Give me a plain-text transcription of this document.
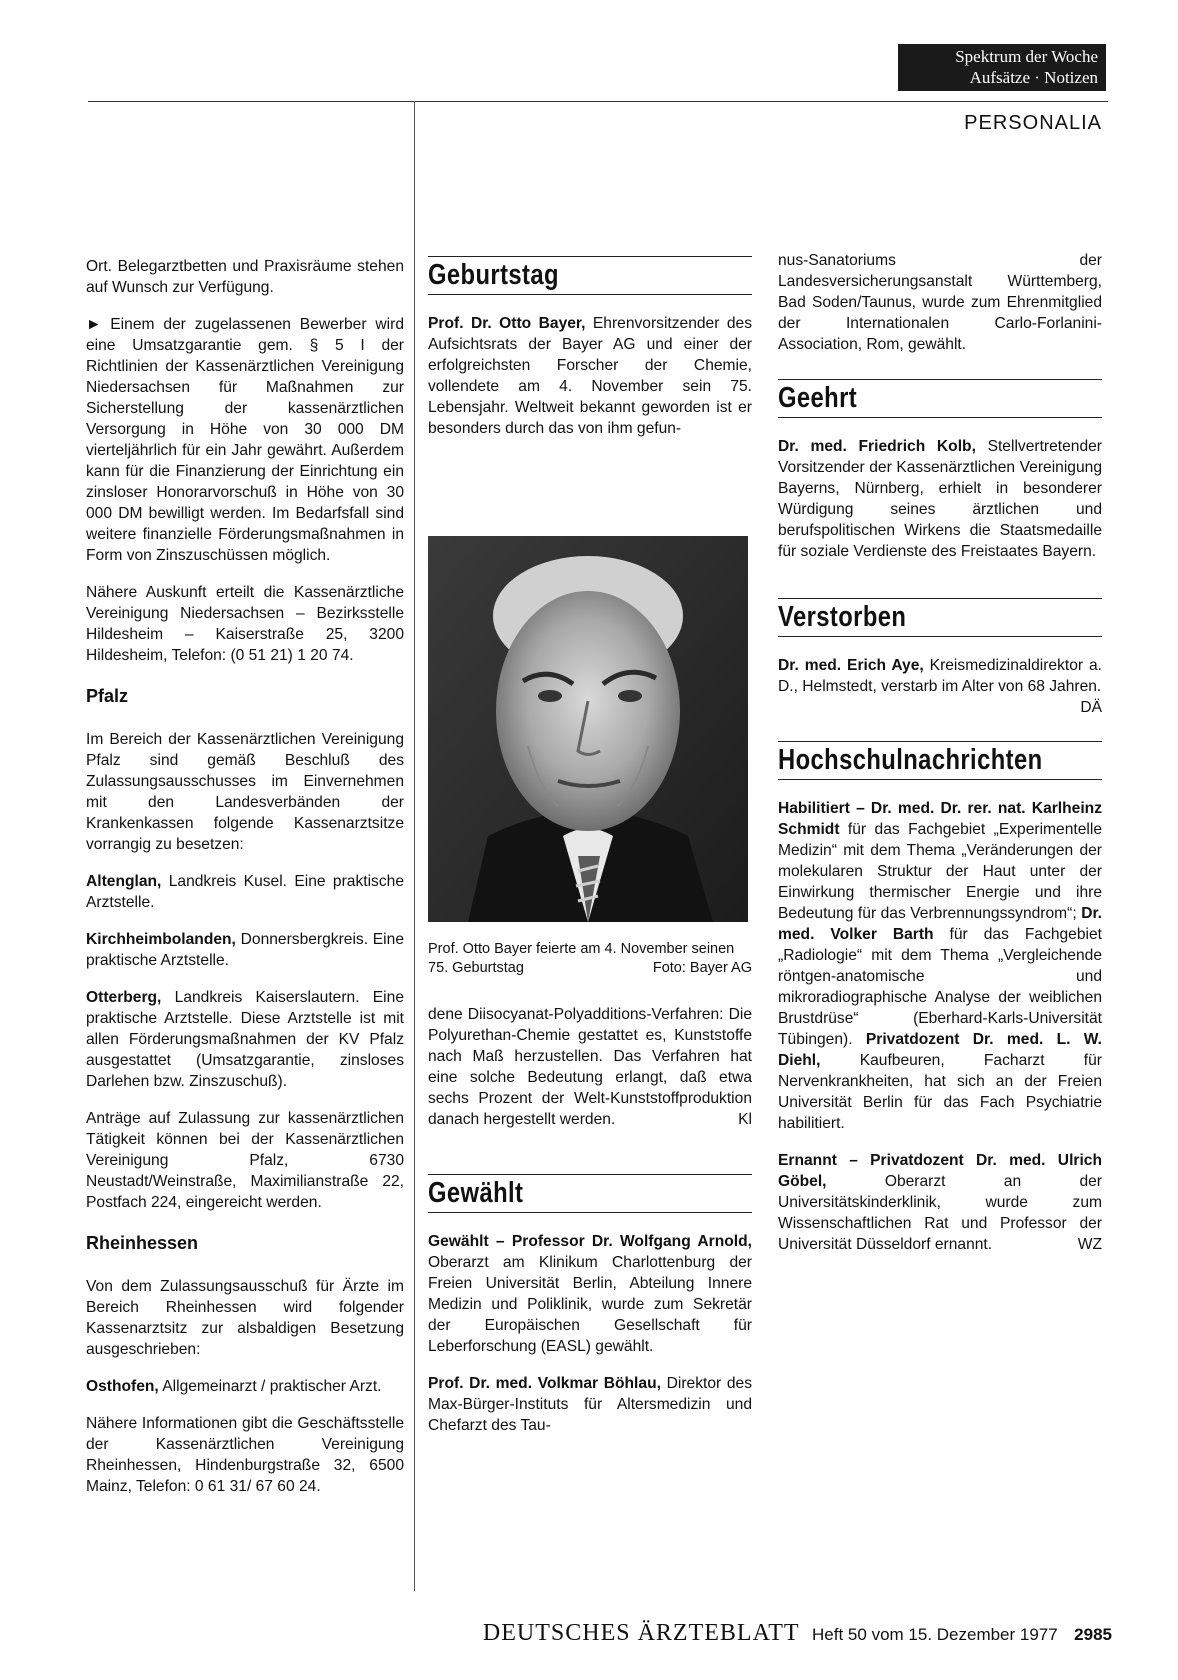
Spektrum der Woche
Aufsätze · Notizen
PERSONALIA

Ort. Belegarztbetten und Praxisräume stehen auf Wunsch zur Verfügung.

► Einem der zugelassenen Bewerber wird eine Umsatzgarantie gem. § 5 I der Richtlinien der Kassenärztlichen Vereinigung Niedersachsen für Maßnahmen zur Sicherstellung der kassenärztlichen Versorgung in Höhe von 30 000 DM vierteljährlich für ein Jahr gewährt. Außerdem kann für die Finanzierung der Einrichtung ein zinsloser Honorarvorschuß in Höhe von 30 000 DM bewilligt werden. Im Bedarfsfall sind weitere finanzielle Förderungsmaßnahmen in Form von Zinszuschüssen möglich.

Nähere Auskunft erteilt die Kassenärztliche Vereinigung Niedersachsen – Bezirksstelle Hildesheim – Kaiserstraße 25, 3200 Hildesheim, Telefon: (0 51 21) 1 20 74.

Pfalz

Im Bereich der Kassenärztlichen Vereinigung Pfalz sind gemäß Beschluß des Zulassungsausschusses im Einvernehmen mit den Landesverbänden der Krankenkassen folgende Kassenarztsitze vorrangig zu besetzen:

Altenglan, Landkreis Kusel. Eine praktische Arztstelle.

Kirchheimbolanden, Donnersbergkreis. Eine praktische Arztstelle.

Otterberg, Landkreis Kaiserslautern. Eine praktische Arztstelle. Diese Arztstelle ist mit allen Förderungsmaßnahmen der KV Pfalz ausgestattet (Umsatzgarantie, zinsloses Darlehen bzw. Zinszuschuß).

Anträge auf Zulassung zur kassenärztlichen Tätigkeit können bei der Kassenärztlichen Vereinigung Pfalz, 6730 Neustadt/Weinstraße, Maximilianstraße 22, Postfach 224, eingereicht werden.

Rheinhessen

Von dem Zulassungsausschuß für Ärzte im Bereich Rheinhessen wird folgender Kassenarztsitz zur alsbaldigen Besetzung ausgeschrieben:

Osthofen, Allgemeinarzt / praktischer Arzt.

Nähere Informationen gibt die Geschäftsstelle der Kassenärztlichen Vereinigung Rheinhessen, Hindenburgstraße 32, 6500 Mainz, Telefon: 0 61 31/ 67 60 24.

Geburtstag

Prof. Dr. Otto Bayer, Ehrenvorsitzender des Aufsichtsrats der Bayer AG und einer der erfolgreichsten Forscher der Chemie, vollendete am 4. November sein 75. Lebensjahr. Weltweit bekannt geworden ist er besonders durch das von ihm gefun-

Prof. Otto Bayer feierte am 4. November seinen 75. Geburtstag	Foto: Bayer AG

dene Diisocyanat-Polyadditions-Verfahren: Die Polyurethan-Chemie gestattet es, Kunststoffe nach Maß herzustellen. Das Verfahren hat eine solche Bedeutung erlangt, daß etwa sechs Prozent der Welt-Kunststoffproduktion danach hergestellt werden.	Kl

Gewählt

Gewählt – Professor Dr. Wolfgang Arnold, Oberarzt am Klinikum Charlottenburg der Freien Universität Berlin, Abteilung Innere Medizin und Poliklinik, wurde zum Sekretär der Europäischen Gesellschaft für Leberforschung (EASL) gewählt.

Prof. Dr. med. Volkmar Böhlau, Direktor des Max-Bürger-Instituts für Altersmedizin und Chefarzt des Tau-

nus-Sanatoriums der Landesversicherungsanstalt Württemberg, Bad Soden/Taunus, wurde zum Ehrenmitglied der Internationalen Carlo-Forlanini-Association, Rom, gewählt.

Geehrt

Dr. med. Friedrich Kolb, Stellvertretender Vorsitzender der Kassenärztlichen Vereinigung Bayerns, Nürnberg, erhielt in besonderer Würdigung seines ärztlichen und berufspolitischen Wirkens die Staatsmedaille für soziale Verdienste des Freistaates Bayern.

Verstorben

Dr. med. Erich Aye, Kreismedizinaldirektor a. D., Helmstedt, verstarb im Alter von 68 Jahren.
DÄ

Hochschulnachrichten

Habilitiert – Dr. med. Dr. rer. nat. Karlheinz Schmidt für das Fachgebiet „Experimentelle Medizin“ mit dem Thema „Veränderungen der molekularen Struktur der Haut unter der Einwirkung thermischer Energie und ihre Bedeutung für das Verbrennungssyndrom“; Dr. med. Volker Barth für das Fachgebiet „Radiologie“ mit dem Thema „Vergleichende röntgen-anatomische und mikroradiographische Analyse der weiblichen Brustdrüse“ (Eberhard-Karls-Universität Tübingen). Privatdozent Dr. med. L. W. Diehl, Kaufbeuren, Facharzt für Nervenkrankheiten, hat sich an der Freien Universität Berlin für das Fach Psychiatrie habilitiert.

Ernannt – Privatdozent Dr. med. Ulrich Göbel, Oberarzt an der Universitätskinderklinik, wurde zum Wissenschaftlichen Rat und Professor der Universität Düsseldorf ernannt.	WZ

DEUTSCHES ÄRZTEBLATT Heft 50 vom 15. Dezember 1977 2985
